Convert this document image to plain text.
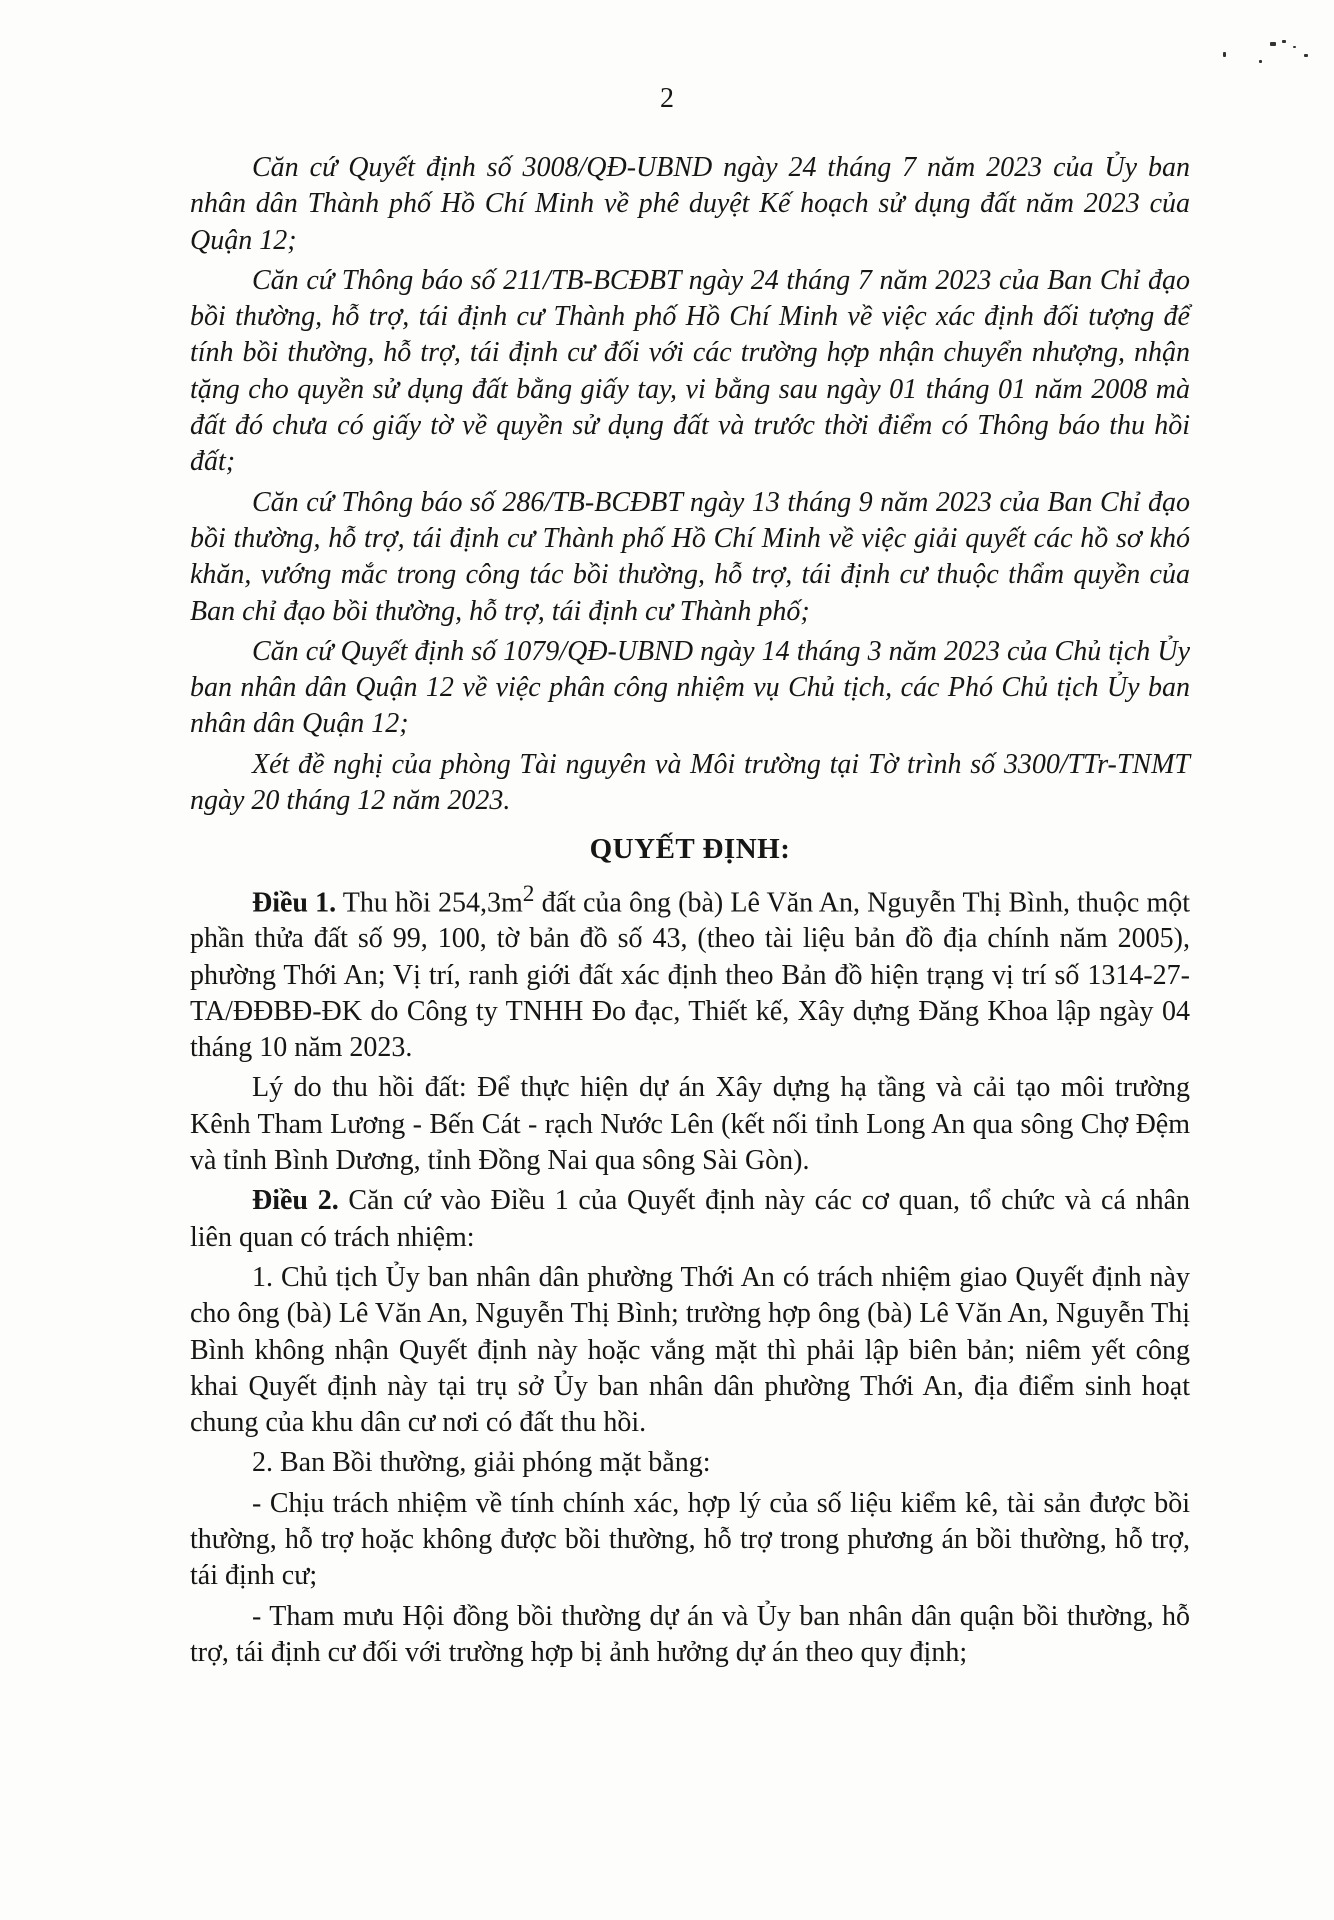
2

Căn cứ Quyết định số 3008/QĐ-UBND ngày 24 tháng 7 năm 2023 của Ủy ban nhân dân Thành phố Hồ Chí Minh về phê duyệt Kế hoạch sử dụng đất năm 2023 của Quận 12;

Căn cứ Thông báo số 211/TB-BCĐBT ngày 24 tháng 7 năm 2023 của Ban Chỉ đạo bồi thường, hỗ trợ, tái định cư Thành phố Hồ Chí Minh về việc xác định đối tượng để tính bồi thường, hỗ trợ, tái định cư đối với các trường hợp nhận chuyển nhượng, nhận tặng cho quyền sử dụng đất bằng giấy tay, vi bằng sau ngày 01 tháng 01 năm 2008 mà đất đó chưa có giấy tờ về quyền sử dụng đất và trước thời điểm có Thông báo thu hồi đất;

Căn cứ Thông báo số 286/TB-BCĐBT ngày 13 tháng 9 năm 2023 của Ban Chỉ đạo bồi thường, hỗ trợ, tái định cư Thành phố Hồ Chí Minh về việc giải quyết các hồ sơ khó khăn, vướng mắc trong công tác bồi thường, hỗ trợ, tái định cư thuộc thẩm quyền của Ban chỉ đạo bồi thường, hỗ trợ, tái định cư Thành phố;

Căn cứ Quyết định số 1079/QĐ-UBND ngày 14 tháng 3 năm 2023 của Chủ tịch Ủy ban nhân dân Quận 12 về việc phân công nhiệm vụ Chủ tịch, các Phó Chủ tịch Ủy ban nhân dân Quận 12;

Xét đề nghị của phòng Tài nguyên và Môi trường tại Tờ trình số 3300/TTr-TNMT ngày 20 tháng 12 năm 2023.

QUYẾT ĐỊNH:

Điều 1. Thu hồi $254,3m^2$ đất của ông (bà) Lê Văn An, Nguyễn Thị Bình, thuộc một phần thửa đất số 99, 100, tờ bản đồ số 43, (theo tài liệu bản đồ địa chính năm 2005), phường Thới An; Vị trí, ranh giới đất xác định theo Bản đồ hiện trạng vị trí số 1314-27-TA/ĐĐBĐ-ĐK do Công ty TNHH Đo đạc, Thiết kế, Xây dựng Đăng Khoa lập ngày 04 tháng 10 năm 2023.

Lý do thu hồi đất: Để thực hiện dự án Xây dựng hạ tầng và cải tạo môi trường Kênh Tham Lương - Bến Cát - rạch Nước Lên (kết nối tỉnh Long An qua sông Chợ Đệm và tỉnh Bình Dương, tỉnh Đồng Nai qua sông Sài Gòn).

Điều 2. Căn cứ vào Điều 1 của Quyết định này các cơ quan, tổ chức và cá nhân liên quan có trách nhiệm:

1. Chủ tịch Ủy ban nhân dân phường Thới An có trách nhiệm giao Quyết định này cho ông (bà) Lê Văn An, Nguyễn Thị Bình; trường hợp ông (bà) Lê Văn An, Nguyễn Thị Bình không nhận Quyết định này hoặc vắng mặt thì phải lập biên bản; niêm yết công khai Quyết định này tại trụ sở Ủy ban nhân dân phường Thới An, địa điểm sinh hoạt chung của khu dân cư nơi có đất thu hồi.

2. Ban Bồi thường, giải phóng mặt bằng:

- Chịu trách nhiệm về tính chính xác, hợp lý của số liệu kiểm kê, tài sản được bồi thường, hỗ trợ hoặc không được bồi thường, hỗ trợ trong phương án bồi thường, hỗ trợ, tái định cư;

- Tham mưu Hội đồng bồi thường dự án và Ủy ban nhân dân quận bồi thường, hỗ trợ, tái định cư đối với trường hợp bị ảnh hưởng dự án theo quy định;
